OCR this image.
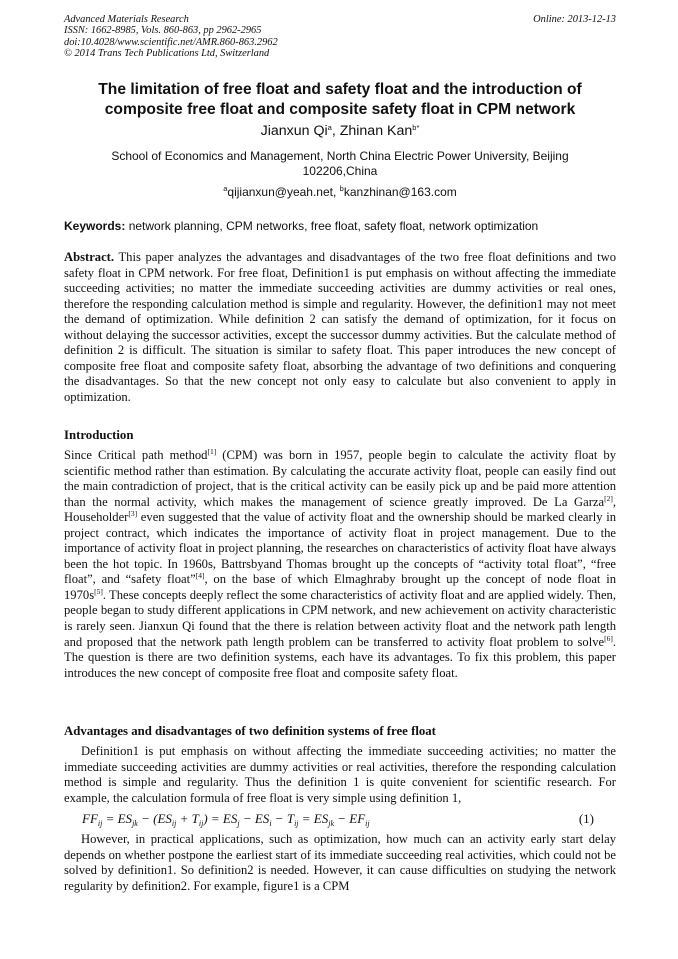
Advanced Materials Research
ISSN: 1662-8985, Vols. 860-863, pp 2962-2965
doi:10.4028/www.scientific.net/AMR.860-863.2962
© 2014 Trans Tech Publications Ltd, Switzerland
Online: 2013-12-13
The limitation of free float and safety float and the introduction of
composite free float and composite safety float in CPM network
Jianxun Qi$^a$, Zhinan Kan$^{b*}$
School of Economics and Management, North China Electric Power University, Beijing
102206,China
$^a$qijianxun@yeah.net, $^b$kanzhinan@163.com
Keywords: network planning, CPM networks, free float, safety float, network optimization
Abstract. This paper analyzes the advantages and disadvantages of the two free float definitions and two safety float in CPM network. For free float, Definition1 is put emphasis on without affecting the immediate succeeding activities; no matter the immediate succeeding activities are dummy activities or real ones, therefore the responding calculation method is simple and regularity. However, the definition1 may not meet the demand of optimization. While definition 2 can satisfy the demand of optimization, for it focus on without delaying the successor activities, except the successor dummy activities. But the calculate method of definition 2 is difficult. The situation is similar to safety float. This paper introduces the new concept of composite free float and composite safety float, absorbing the advantage of two definitions and conquering the disadvantages. So that the new concept not only easy to calculate but also convenient to apply in optimization.
Introduction
Since Critical path method[1] (CPM) was born in 1957, people begin to calculate the activity float by scientific method rather than estimation. By calculating the accurate activity float, people can easily find out the main contradiction of project, that is the critical activity can be easily pick up and be paid more attention than the normal activity, which makes the management of science greatly improved. De La Garza[2], Householder[3] even suggested that the value of activity float and the ownership should be marked clearly in project contract, which indicates the importance of activity float in project management. Due to the importance of activity float in project planning, the researches on characteristics of activity float have always been the hot topic. In 1960s, Battrsbyand Thomas brought up the concepts of “activity total float”, “free float”, and “safety float”[4], on the base of which Elmaghraby brought up the concept of node float in 1970s[5]. These concepts deeply reflect the some characteristics of activity float and are applied widely. Then, people began to study different applications in CPM network, and new achievement on activity characteristic is rarely seen. Jianxun Qi found that the there is relation between activity float and the network path length and proposed that the network path length problem can be transferred to activity float problem to solve[6]. The question is there are two definition systems, each have its advantages. To fix this problem, this paper introduces the new concept of composite free float and composite safety float.
Advantages and disadvantages of two definition systems of free float
Definition1 is put emphasis on without affecting the immediate succeeding activities; no matter the immediate succeeding activities are dummy activities or real activities, therefore the responding calculation method is simple and regularity. Thus the definition 1 is quite convenient for scientific research. For example, the calculation formula of free float is very simple using definition 1,
$FF_{ij} = ES_{jk} - (ES_{ij} + T_{ij}) = ES_j - ES_i - T_{ij} = ES_{jk} - EF_{ij}$	(1)
However, in practical applications, such as optimization, how much can an activity early start delay depends on whether postpone the earliest start of its immediate succeeding real activities, which could not be solved by definition1. So definition2 is needed. However, it can cause difficulties on studying the network regularity by definition2. For example, figure1 is a CPM
